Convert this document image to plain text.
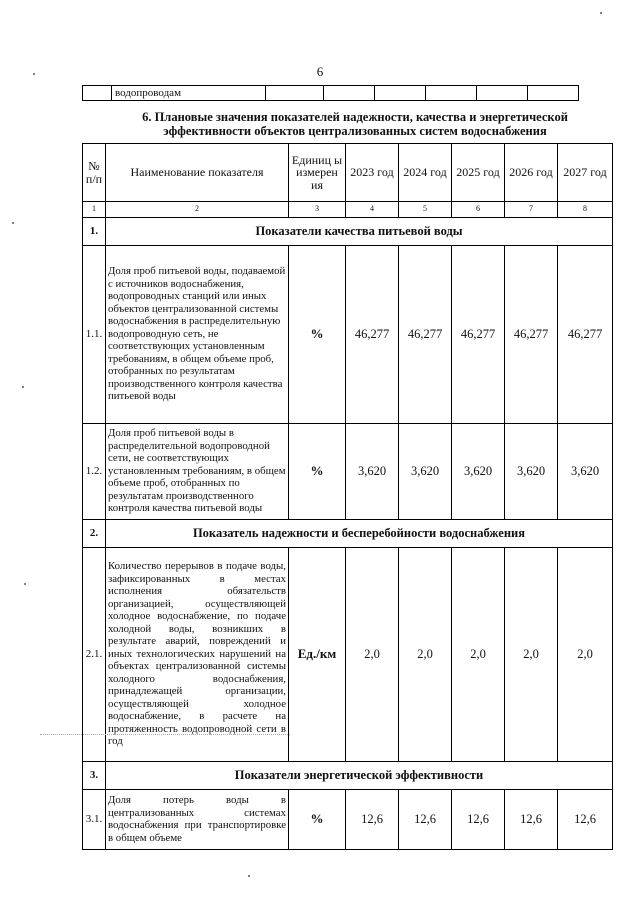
6
	водопроводам						
6. Плановые значения показателей надежности, качества и энергетической
эффективности объектов централизованных систем водоснабжения
№ п/п	Наименование показателя	Единиц ы измерен ия	2023 год	2024 год	2025 год	2026 год	2027 год
1	2	3	4	5	6	7	8
1.	Показатели качества питьевой воды						
1.1.	Доля проб питьевой воды, подаваемой с источников водоснабжения, водопроводных станций или иных объектов централизованной системы водоснабжения в распределительную водопроводную сеть, не соответствующих установленным требованиям, в общем объеме проб, отобранных по результатам производственного контроля качества питьевой воды	%	46,277	46,277	46,277	46,277	46,277
1.2.	Доля проб питьевой воды в распределительной водопроводной сети, не соответствующих установленным требованиям, в общем объеме проб, отобранных по результатам производственного контроля качества питьевой воды	%	3,620	3,620	3,620	3,620	3,620
2.	Показатель надежности и бесперебойности водоснабжения						
2.1.	Количество перерывов в подаче воды, зафиксированных в местах исполнения обязательств организацией, осуществляющей холодное водоснабжение, по подаче холодной воды, возникших в результате аварий, повреждений и иных технологических нарушений на объектах централизованной системы холодного водоснабжения, принадлежащей организации, осуществляющей холодное водоснабжение, в расчете на протяженность водопроводной сети в год	Ед./км	2,0	2,0	2,0	2,0	2,0
3.	Показатели энергетической эффективности						
3.1.	Доля потерь воды в централизованных системах водоснабжения при транспортировке в общем объеме	%	12,6	12,6	12,6	12,6	12,6
